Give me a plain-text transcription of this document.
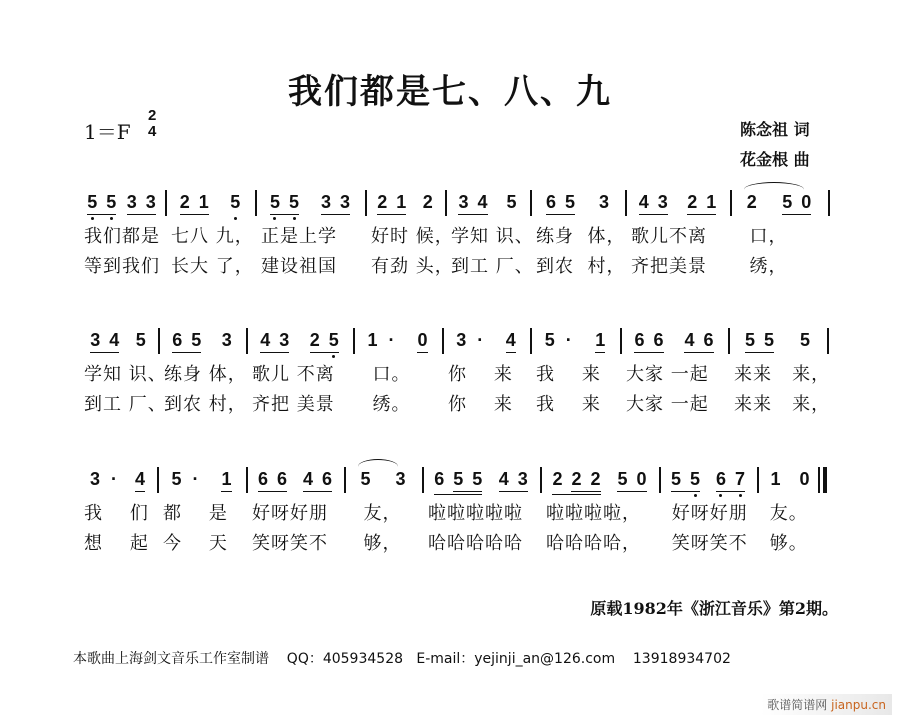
我们都是七、八、九
1＝F
2
4	陈念祖 词
花金根 曲
5 5 3 3
我们都是
等到我们
2 1 5
七八 九，
长大 了，
5 5 3 3
正是上学
建设祖国
2 1 2
好时 候，
有劲 头，
3 4 5
学知 识、
到工 厂、
6 5 3
练身  体，
到农  村，
4 3 2 1
歌儿不离
齐把美景
2 5 0
口，
绣，
3 4 5
学知 识、
到工 厂、
6 5 3
练身 体，
到农 村，
4 3 2 5
歌儿 不离
齐把 美景
1 · 0
口。
绣。
3 · 4
你    来
你    来
5 · 1
我    来
我    来
6 6 4 6
大家 一起
大家 一起
5 5 5
来来   来，
来来   来，
3 · 4
我    们
想    起
5 · 1
都    是
今    天
6 6 4 6
好呀好朋
笑呀笑不
5 3
友，
够，
6 5 5 4 3
啦啦啦啦啦
哈哈哈哈哈
2 2 2 5 0
啦啦啦啦，
哈哈哈哈，
5 5 6 7
好呀好朋
笑呀笑不
1 0
友。
够。
原载1982年《浙江音乐》第2期。
本歌曲上海剑文音乐工作室制谱    QQ：405934528   E-mail：yejinji_an@126.com    13918934702
歌谱简谱网 jianpu.cn
